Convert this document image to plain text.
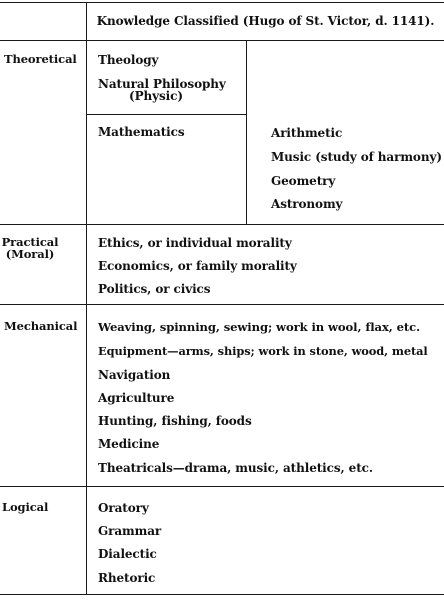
Knowledge Classified (Hugo of St. Victor, d. 1141).
Theoretical Theology
Natural Philosophy
(Physic)
Mathematics	Arithmetic
Music (study of harmony)
Geometry
Astronomy
Practical
(Moral)
Ethics, or individual morality
Economics, or family morality
Politics, or civics
Mechanical Weaving, spinning, sewing; work in wool, flax, etc.
Equipment—arms, ships; work in stone, wood, metal
Navigation
Agriculture
Hunting, fishing, foods
Medicine
Theatricals—drama, music, athletics, etc.
Logical	Oratory
Grammar
Dialectic
Rhetoric
